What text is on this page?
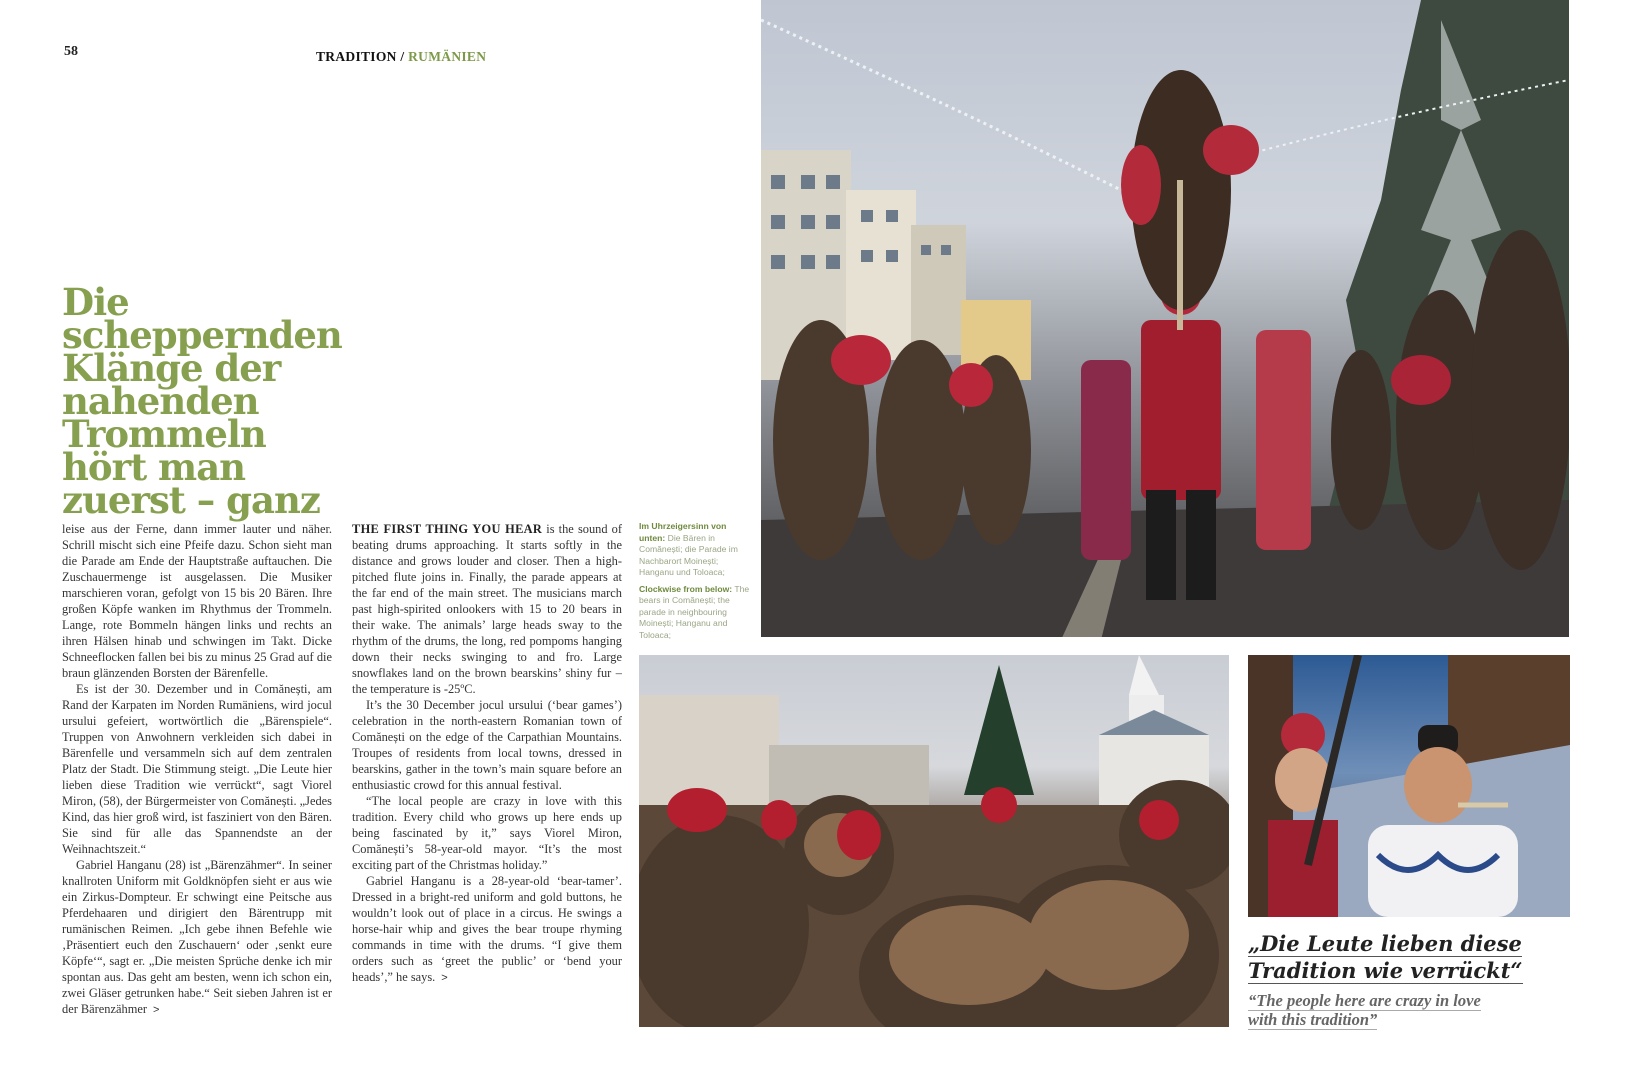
58	TRADITION / RUMÄNIEN
Die scheppernden Klänge der nahenden Trommeln hört man zuerst – ganz

leise aus der Ferne, dann immer lauter und näher. Schrill mischt sich eine Pfeife dazu. Schon sieht man die Parade am Ende der Hauptstraße auftauchen. Die Zuschauermenge ist ausgelassen. Die Musiker marschieren voran, gefolgt von 15 bis 20 Bären. Ihre großen Köpfe wanken im Rhythmus der Trommeln. Lange, rote Bommeln hängen links und rechts an ihren Hälsen hinab und schwingen im Takt. Dicke Schneeflocken fallen bei bis zu minus 25 Grad auf die braun glänzenden Borsten der Bärenfelle.

Es ist der 30. Dezember und in Comănești, am Rand der Karpaten im Norden Rumäniens, wird jocul ursului gefeiert, wortwörtlich die „Bärenspiele“. Truppen von Anwohnern verkleiden sich dabei in Bärenfelle und versammeln sich auf dem zentralen Platz der Stadt. Die Stimmung steigt. „Die Leute hier lieben diese Tradition wie verrückt“, sagt Viorel Miron, (58), der Bürgermeister von Comănești. „Jedes Kind, das hier groß wird, ist fasziniert von den Bären. Sie sind für alle das Spannendste an der Weihnachtszeit.“

Gabriel Hanganu (28) ist „Bärenzähmer“. In seiner knallroten Uniform mit Goldknöpfen sieht er aus wie ein Zirkus-Dompteur. Er schwingt eine Peitsche aus Pferdehaaren und dirigiert den Bärentrupp mit rumänischen Reimen. „Ich gebe ihnen Befehle wie ‚Präsentiert euch den Zuschauern‘ oder ‚senkt eure Köpfe‘“, sagt er. „Die meisten Sprüche denke ich mir spontan aus. Das geht am besten, wenn ich schon ein, zwei Gläser getrunken habe.“ Seit sieben Jahren ist er der Bärenzähmer >

THE FIRST THING YOU HEAR is the sound of beating drums approaching. It starts softly in the distance and grows louder and closer. Then a high-pitched flute joins in. Finally, the parade appears at the far end of the main street. The musicians march past high-spirited onlookers with 15 to 20 bears in their wake. The animals’ large heads sway to the rhythm of the drums, the long, red pompoms hanging down their necks swinging to and fro. Large snowflakes land on the brown bearskins’ shiny fur – the temperature is -25ºC.

It’s the 30 December jocul ursului (‘bear games’) celebration in the north-eastern Romanian town of Comănești on the edge of the Carpathian Mountains. Troupes of residents from local towns, dressed in bearskins, gather in the town’s main square before an enthusiastic crowd for this annual festival.

“The local people are crazy in love with this tradition. Every child who grows up here ends up being fascinated by it,” says Viorel Miron, Comănești’s 58-year-old mayor. “It’s the most exciting part of the Christmas holiday.”

Gabriel Hanganu is a 28-year-old ‘bear-tamer’. Dressed in a bright-red uniform and gold buttons, he wouldn’t look out of place in a circus. He swings a horse-hair whip and gives the bear troupe rhyming commands in time with the drums. “I give them orders such as ‘greet the public’ or ‘bend your heads’,” he says. >

Im Uhrzeigersinn von unten: Die Bären in Comănești; die Parade im Nachbarort Moinești; Hanganu und Toloaca;
Clockwise from below: The bears in Comănești; the parade in neighbouring Moinești; Hanganu and Toloaca;
„Die Leute lieben diese Tradition wie verrückt“
“The people here are crazy in love with this tradition”
